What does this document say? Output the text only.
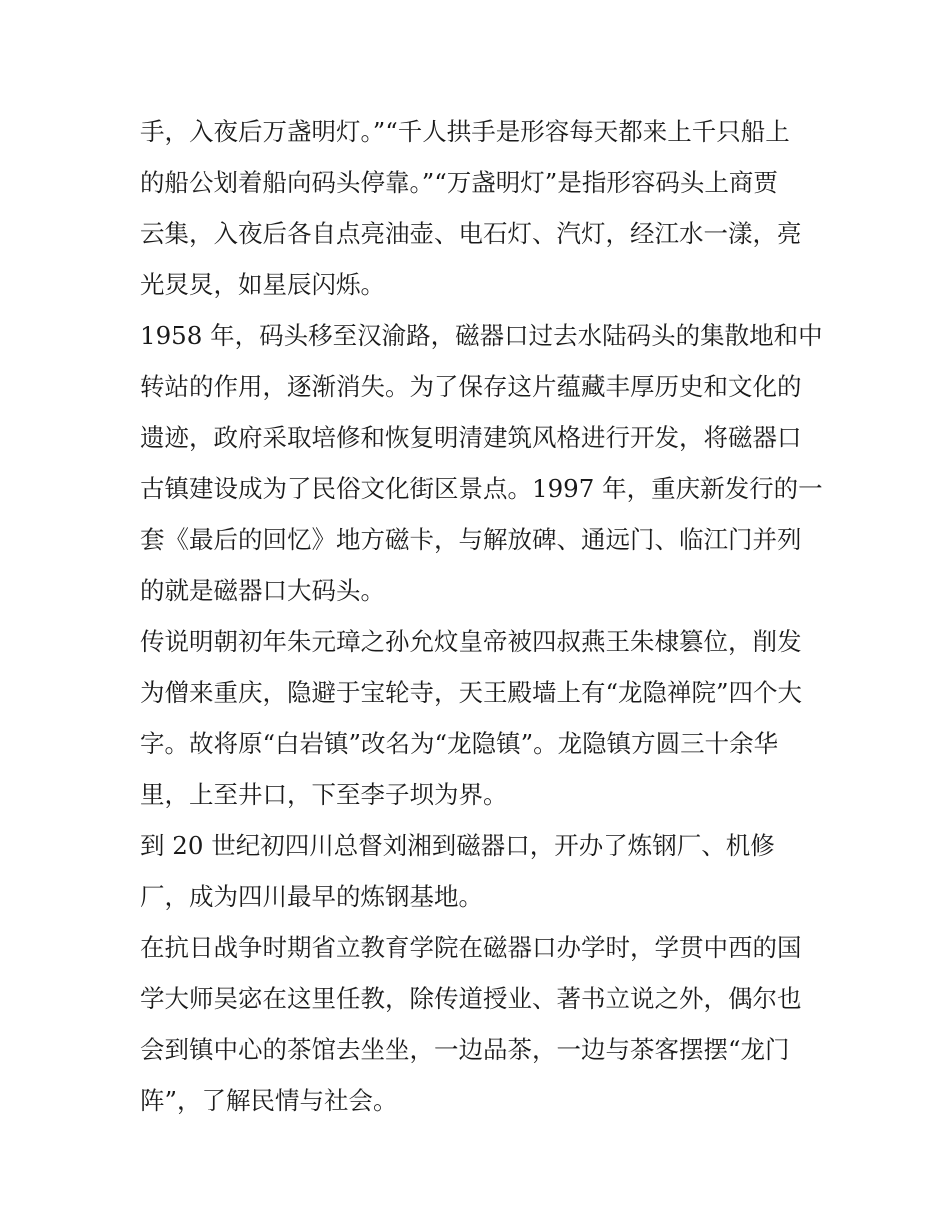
手，入夜后万盏明灯。”“千人拱手是形容每天都来上千只船上
的船公划着船向码头停靠。”“万盏明灯”是指形容码头上商贾
云集，入夜后各自点亮油壶、电石灯、汽灯，经江水一漾，亮
光炅炅，如星辰闪烁。
1958 年，码头移至汉渝路，磁器口过去水陆码头的集散地和中
转站的作用，逐渐消失。为了保存这片蕴藏丰厚历史和文化的
遗迹，政府采取培修和恢复明清建筑风格进行开发，将磁器口
古镇建设成为了民俗文化街区景点。1997 年，重庆新发行的一
套《最后的回忆》地方磁卡，与解放碑、通远门、临江门并列
的就是磁器口大码头。
传说明朝初年朱元璋之孙允炆皇帝被四叔燕王朱棣篡位，削发
为僧来重庆，隐避于宝轮寺，天王殿墙上有“龙隐禅院”四个大
字。故将原“白岩镇”改名为“龙隐镇”。龙隐镇方圆三十余华
里，上至井口，下至李子坝为界。
到 20 世纪初四川总督刘湘到磁器口，开办了炼钢厂、机修
厂，成为四川最早的炼钢基地。
在抗日战争时期省立教育学院在磁器口办学时，学贯中西的国
学大师吴宓在这里任教，除传道授业、著书立说之外，偶尔也
会到镇中心的茶馆去坐坐，一边品茶，一边与茶客摆摆“龙门
阵”，了解民情与社会。
